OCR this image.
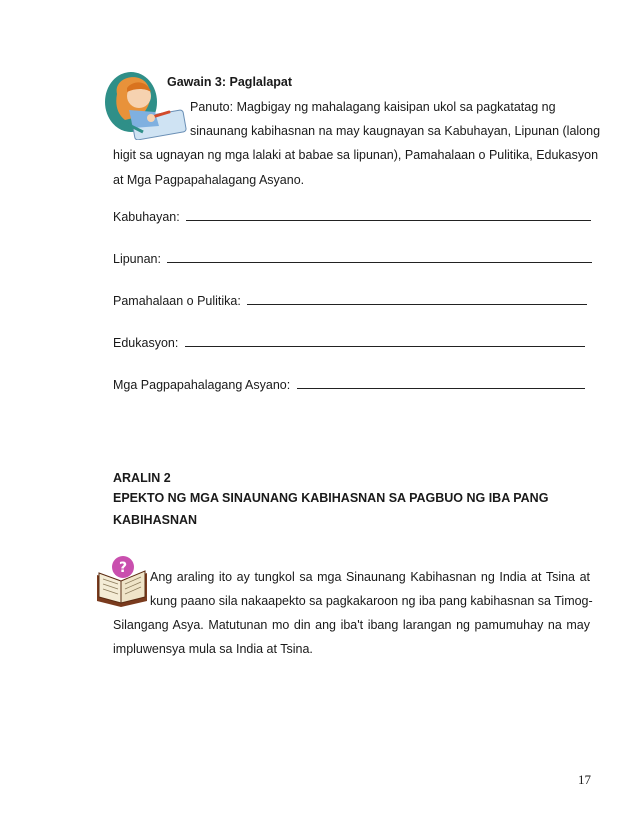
Gawain 3: Paglalapat
Panuto: Magbigay ng mahalagang kaisipan ukol sa pagkatatag ng
sinaunang kabihasnan na may kaugnayan sa Kabuhayan, Lipunan (lalong
higit sa ugnayan ng mga lalaki at babae sa lipunan), Pamahalaan o Pulitika, Edukasyon
at Mga Pagpapahalagang Asyano.
Kabuhayan:
Lipunan:
Pamahalaan o Pulitika:
Edukasyon:
Mga Pagpapahalagang Asyano:
ARALIN 2
EPEKTO NG MGA SINAUNANG KABIHASNAN SA PAGBUO NG IBA PANG
KABIHASNAN
?
Ang araling ito ay tungkol sa mga Sinaunang Kabihasnan ng India at Tsina at
kung paano sila nakaapekto sa pagkakaroon ng iba pang kabihasnan sa Timog-
Silangang Asya. Matutunan mo din ang iba't ibang larangan ng pamumuhay na may
impluwensya mula sa India at Tsina.
17
